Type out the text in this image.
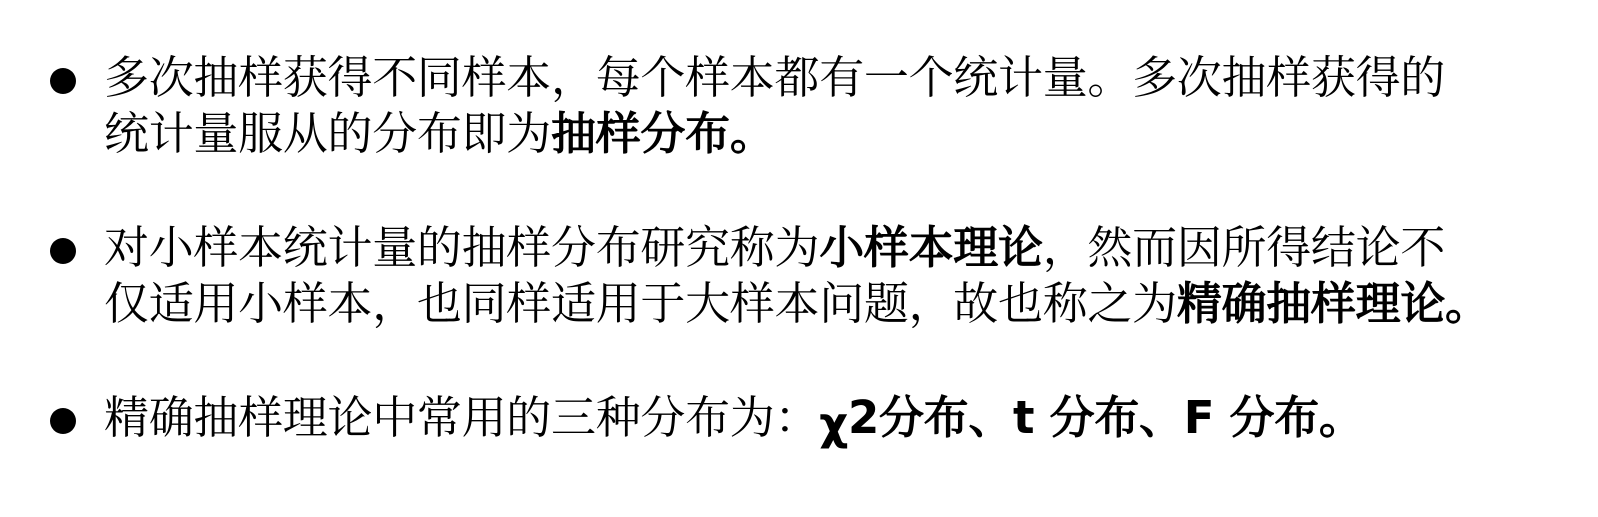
多次抽样获得不同样本，每个样本都有一个统计量。多次抽样获得的
统计量服从的分布即为抽样分布。
对小样本统计量的抽样分布研究称为小样本理论，然而因所得结论不
仅适用小样本，也同样适用于大样本问题，故也称之为精确抽样理论。
精确抽样理论中常用的三种分布为：χ2分布、t 分布、F 分布。
